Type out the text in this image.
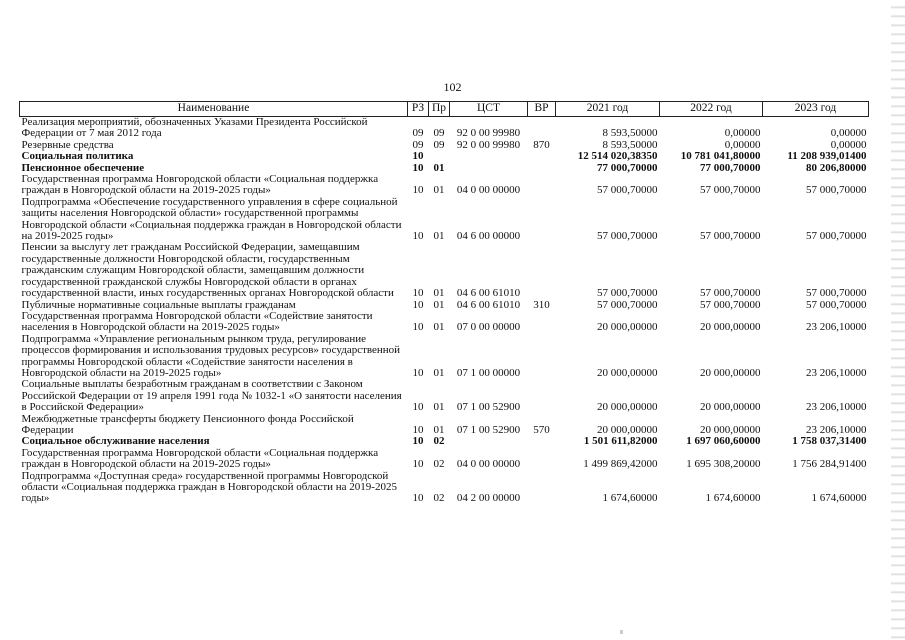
102
Наименование	РЗ	Пр	ЦСТ	ВР	2021 год	2022 год	2023 год
Реализация мероприятий, обозначенных Указами Президента Российской Федерации от 7 мая 2012 года	09	09	92 0 00 99980		8 593,50000	0,00000	0,00000
Резервные средства	09	09	92 0 00 99980	870	8 593,50000	0,00000	0,00000
Социальная политика	10				12 514 020,38350	10 781 041,80000	11 208 939,01400
Пенсионное обеспечение	10	01			77 000,70000	77 000,70000	80 206,80000
Государственная программа Новгородской области «Социальная поддержка граждан в Новгородской области на 2019-2025 годы»	10	01	04 0 00 00000		57 000,70000	57 000,70000	57 000,70000
Подпрограмма «Обеспечение государственного управления в сфере социальной защиты населения Новгородской области» государственной программы Новгородской области «Социальная поддержка граждан в Новгородской области на 2019-2025 годы»	10	01	04 6 00 00000		57 000,70000	57 000,70000	57 000,70000
Пенсии за выслугу лет гражданам Российской Федерации, замещавшим государственные должности Новгородской области, государственным гражданским служащим Новгородской области, замещавшим должности государственной гражданской службы Новгородской области в органах государственной власти, иных государственных органах Новгородской области	10	01	04 6 00 61010		57 000,70000	57 000,70000	57 000,70000
Публичные нормативные социальные выплаты гражданам	10	01	04 6 00 61010	310	57 000,70000	57 000,70000	57 000,70000
Государственная программа Новгородской области «Содействие занятости населения в Новгородской области на 2019-2025 годы»	10	01	07 0 00 00000		20 000,00000	20 000,00000	23 206,10000
Подпрограмма «Управление региональным рынком труда, регулирование процессов формирования и использования трудовых ресурсов» государственной программы Новгородской области «Содействие занятости населения в Новгородской области на 2019-2025 годы»	10	01	07 1 00 00000		20 000,00000	20 000,00000	23 206,10000
Социальные выплаты безработным гражданам в соответствии с Законом Российской Федерации от 19 апреля 1991 года № 1032-1 «О занятости населения в Российской Федерации»	10	01	07 1 00 52900		20 000,00000	20 000,00000	23 206,10000
Межбюджетные трансферты бюджету Пенсионного фонда Российской Федерации	10	01	07 1 00 52900	570	20 000,00000	20 000,00000	23 206,10000
Социальное обслуживание населения	10	02			1 501 611,82000	1 697 060,60000	1 758 037,31400
Государственная программа Новгородской области «Социальная поддержка граждан в Новгородской области на 2019-2025 годы»	10	02	04 0 00 00000		1 499 869,42000	1 695 308,20000	1 756 284,91400
Подпрограмма «Доступная среда» государственной программы Новгородской области «Социальная поддержка граждан в Новгородской области на 2019-2025 годы»	10	02	04 2 00 00000		1 674,60000	1 674,60000	1 674,60000
